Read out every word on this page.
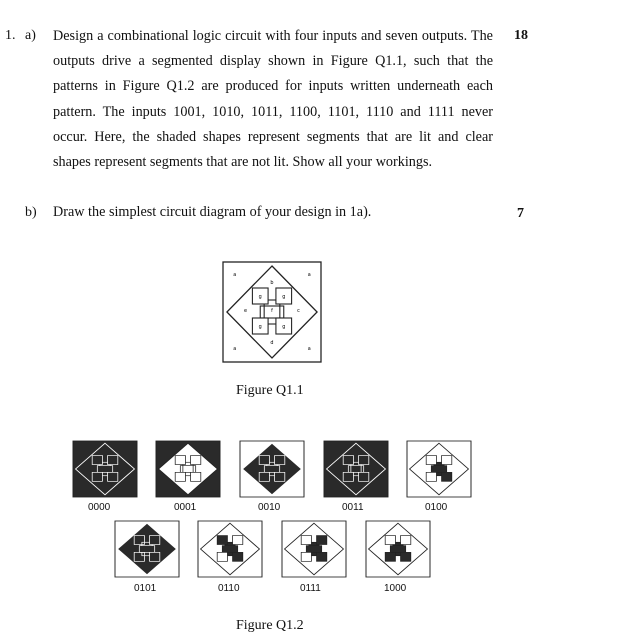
1. a)	18
Design a combinational logic circuit with four inputs and seven outputs. The
outputs drive a segmented display shown in Figure Q1.1, such that the
patterns in Figure Q1.2 are produced for inputs written underneath each
pattern. The inputs 1001, 1010, 1011, 1100, 1101, 1110 and 1111 never
occur. Here, the shaded shapes represent segments that are lit and clear
shapes represent segments that are not lit. Show all your workings.
b) Draw the simplest circuit diagram of your design in 1a).	7
a	a
a	a
b
c
d
e	f
g	g
g	g
Figure Q1.1
0000	0001	0010	0011	0100
0101	0110	0111	1000
Figure Q1.2
